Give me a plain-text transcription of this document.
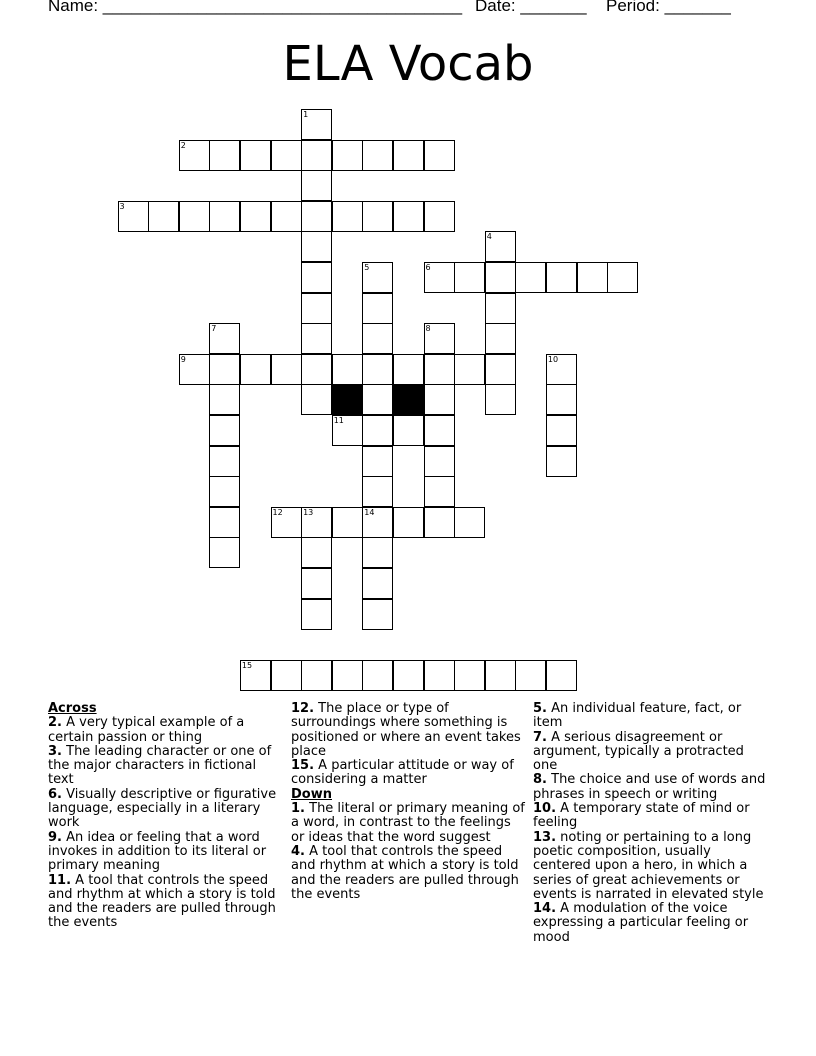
Name: ______________________________________ Date: _______ Period: _______
ELA Vocab
1
2
3
4
5	6
7	8
9	10
11
12	13	14
15
Across
2. A very typical example of a certain passion or thing
3. The leading character or one of the major characters in fictional text
6. Visually descriptive or figurative language, especially in a literary work
9. An idea or feeling that a word invokes in addition to its literal or primary meaning
11. A tool that controls the speed and rhythm at which a story is told and the readers are pulled through the events
12. The place or type of surroundings where something is positioned or where an event takes place
15. A particular attitude or way of considering a matter
Down
1. The literal or primary meaning of a word, in contrast to the feelings or ideas that the word suggest
4. A tool that controls the speed and rhythm at which a story is told and the readers are pulled through the events
5. An individual feature, fact, or item
7. A serious disagreement or argument, typically a protracted one
8. The choice and use of words and phrases in speech or writing
10. A temporary state of mind or feeling
13. noting or pertaining to a long poetic composition, usually centered upon a hero, in which a series of great achievements or events is narrated in elevated style
14. A modulation of the voice expressing a particular feeling or mood
